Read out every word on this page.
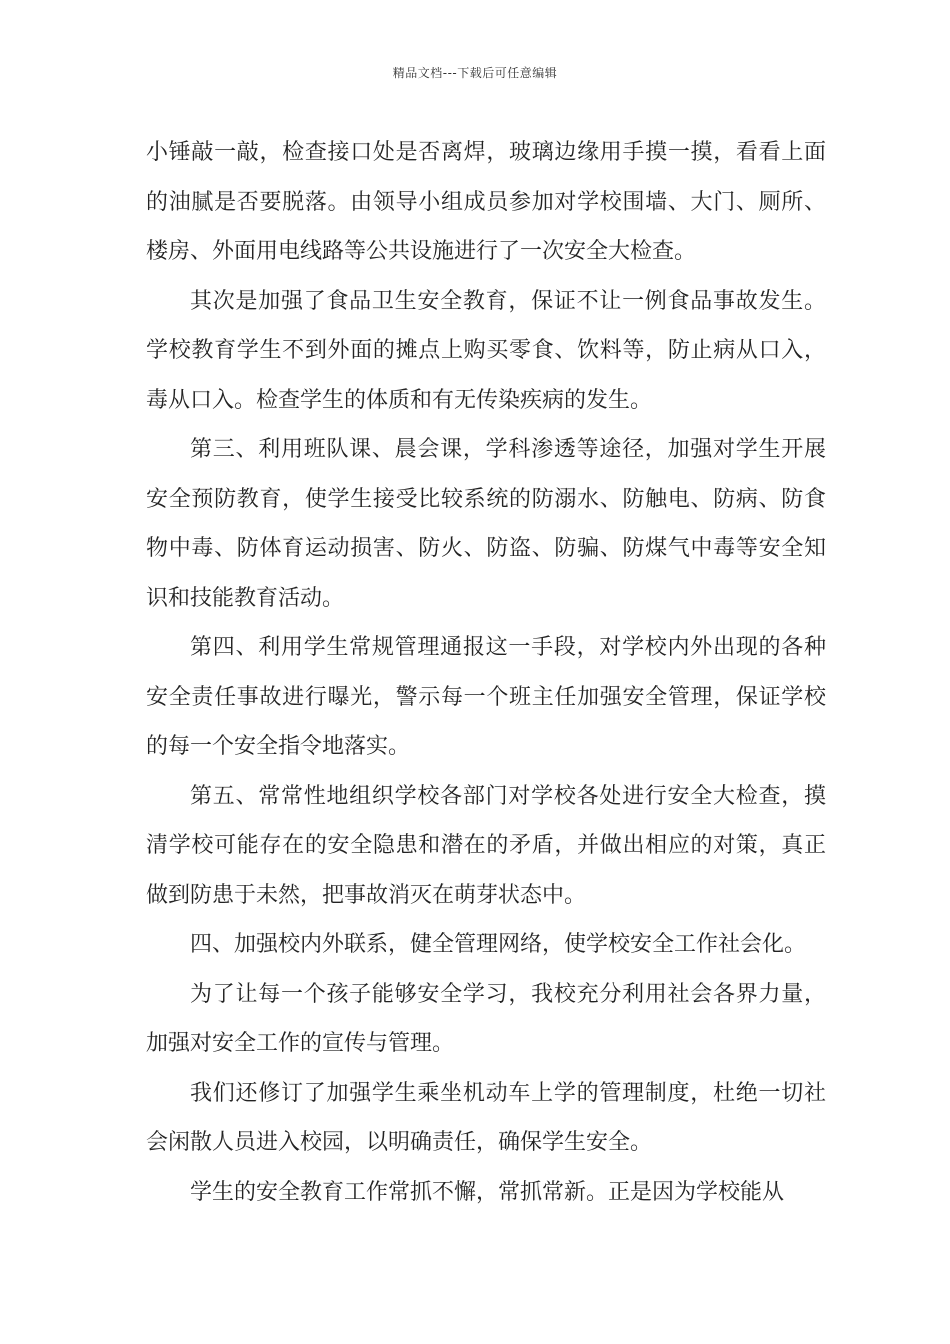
精品文档---下载后可任意编辑

小锤敲一敲，检查接口处是否离焊，玻璃边缘用手摸一摸，看看上面的油腻是否要脱落。由领导小组成员参加对学校围墙、大门、厕所、楼房、外面用电线路等公共设施进行了一次安全大检查。

其次是加强了食品卫生安全教育，保证不让一例食品事故发生。学校教育学生不到外面的摊点上购买零食、饮料等，防止病从口入，毒从口入。检查学生的体质和有无传染疾病的发生。

第三、利用班队课、晨会课，学科渗透等途径，加强对学生开展安全预防教育，使学生接受比较系统的防溺水、防触电、防病、防食物中毒、防体育运动损害、防火、防盗、防骗、防煤气中毒等安全知识和技能教育活动。

第四、利用学生常规管理通报这一手段，对学校内外出现的各种安全责任事故进行曝光，警示每一个班主任加强安全管理，保证学校的每一个安全指令地落实。

第五、常常性地组织学校各部门对学校各处进行安全大检查，摸清学校可能存在的安全隐患和潜在的矛盾，并做出相应的对策，真正做到防患于未然，把事故消灭在萌芽状态中。

四、加强校内外联系，健全管理网络，使学校安全工作社会化。

为了让每一个孩子能够安全学习，我校充分利用社会各界力量，加强对安全工作的宣传与管理。

我们还修订了加强学生乘坐机动车上学的管理制度，杜绝一切社会闲散人员进入校园，以明确责任，确保学生安全。

学生的安全教育工作常抓不懈，常抓常新。正是因为学校能从
